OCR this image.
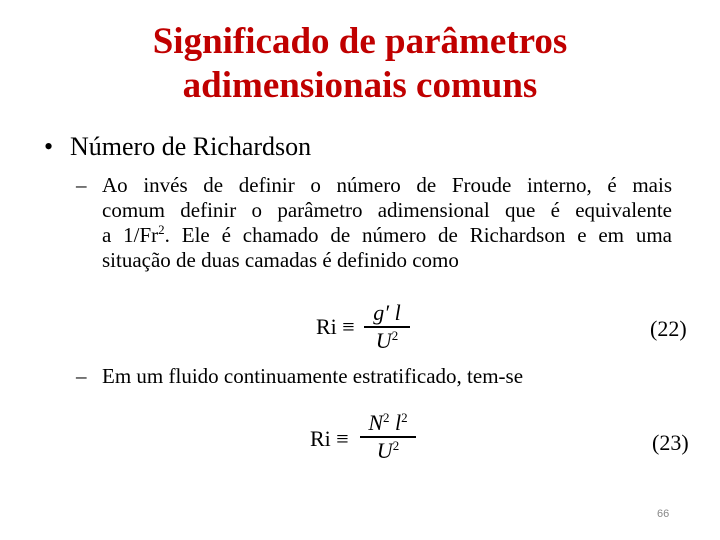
Significado de parâmetros
adimensionais comuns
• Número de Richardson
– Ao invés de definir o número de Froude interno, é mais
comum definir o parâmetro adimensional que é equivalente
a 1/Fr$^2$. Ele é chamado de número de Richardson e em uma
situação de duas camadas é definido como
Ri ≡
g′ l
$U^2$	(22)
– Em um fluido continuamente estratificado, tem-se
Ri ≡
$N^2$ $l^2$
$U^2$	(23)
66
